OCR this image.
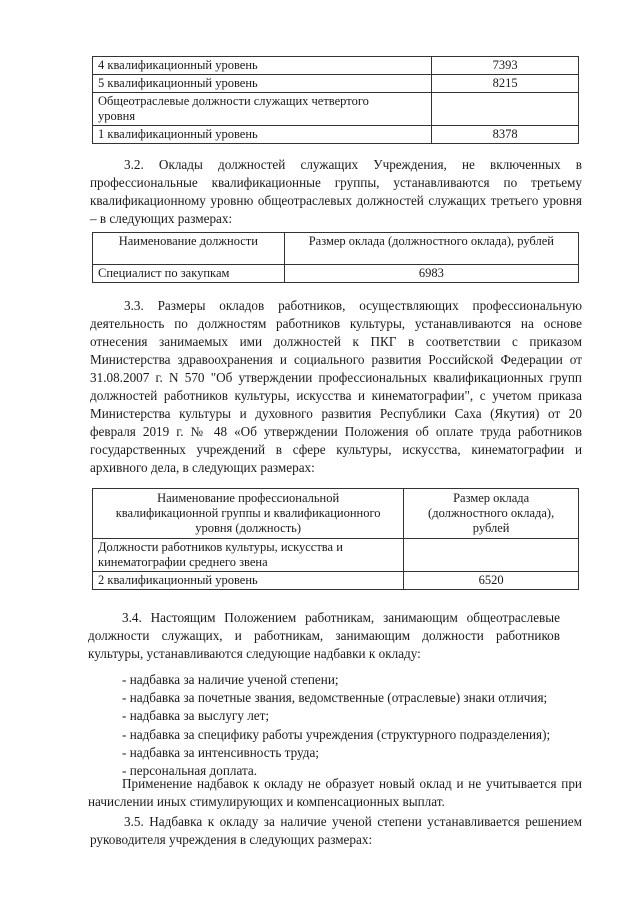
4 квалификационный уровень	7393
5 квалификационный уровень	8215
Общеотраслевые должности служащих четвертого уровня	
1 квалификационный уровень	8378
3.2. Оклады должностей служащих Учреждения, не включенных в профессиональные квалификационные группы, устанавливаются по третьему квалификационному уровню общеотраслевых должностей служащих третьего уровня – в следующих размерах:
Наименование должности	Размер оклада (должностного оклада), рублей
Специалист по закупкам	6983
3.3. Размеры окладов работников, осуществляющих профессиональную деятельность по должностям работников культуры, устанавливаются на основе отнесения занимаемых ими должностей к ПКГ в соответствии с приказом Министерства здравоохранения и социального развития Российской Федерации от 31.08.2007 г. N 570 "Об утверждении профессиональных квалификационных групп должностей работников культуры, искусства и кинематографии", с учетом приказа Министерства культуры и духовного развития Республики Саха (Якутия) от 20 февраля 2019 г. № 48 «Об утверждении Положения об оплате труда работников государственных учреждений в сфере культуры, искусства, кинематографии и архивного дела, в следующих размерах:
Наименование профессиональной квалификационной группы и квалификационного уровня (должность)	Размер оклада (должностного оклада), рублей
Должности работников культуры, искусства и кинематографии среднего звена	
2 квалификационный уровень	6520
3.4. Настоящим Положением работникам, занимающим общеотраслевые должности служащих, и работникам, занимающим должности работников культуры, устанавливаются следующие надбавки к окладу:
- надбавка за наличие ученой степени;
- надбавка за почетные звания, ведомственные (отраслевые) знаки отличия;
- надбавка за выслугу лет;
- надбавка за специфику работы учреждения (структурного подразделения);
- надбавка за интенсивность труда;
- персональная доплата.
Применение надбавок к окладу не образует новый оклад и не учитывается при начислении иных стимулирующих и компенсационных выплат.
3.5. Надбавка к окладу за наличие ученой степени устанавливается решением руководителя учреждения в следующих размерах:
